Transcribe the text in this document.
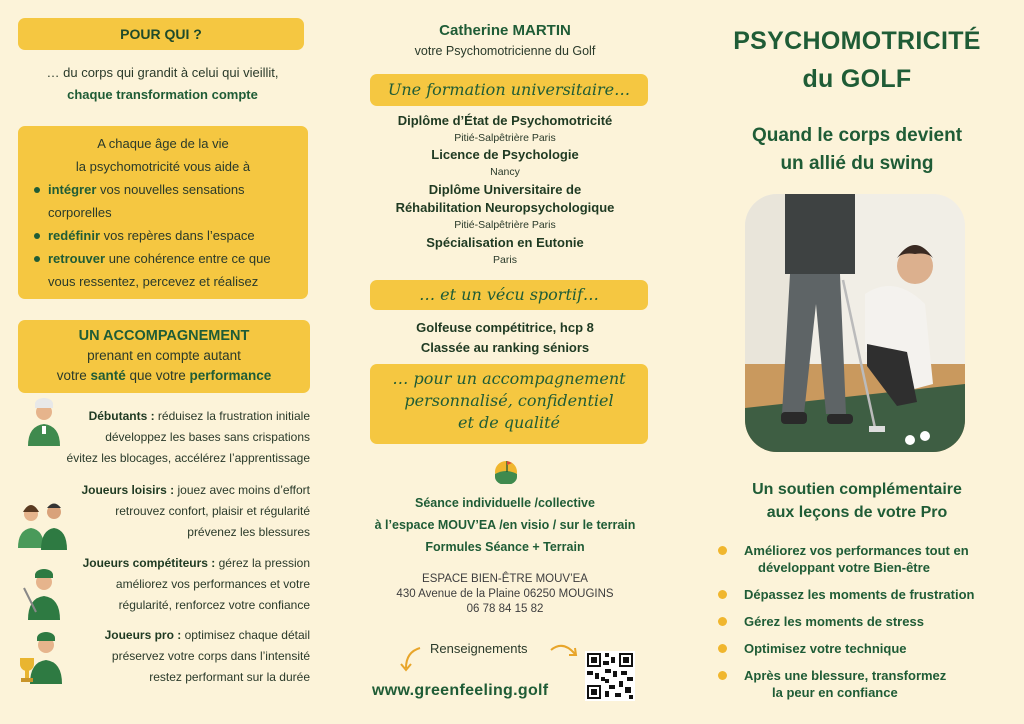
POUR QUI ?
… du corps qui grandit à celui qui vieillit,
chaque transformation compte
A chaque âge de la vie
la psychomotricité vous aide à
intégrer vos nouvelles sensations corporelles
redéfinir vos repères dans l’espace
retrouver une cohérence entre ce que vous ressentez, percevez et réalisez
UN ACCOMPAGNEMENT
prenant en compte autant
votre santé que votre performance
Débutants : réduisez la frustration initiale
développez les bases sans crispations
évitez les blocages, accélérez l’apprentissage
Joueurs loisirs : jouez avec moins d’effort
retrouvez confort, plaisir et régularité
prévenez les blessures
Joueurs compétiteurs : gérez la pression
améliorez vos performances et votre
régularité, renforcez votre confiance
Joueurs pro : optimisez chaque détail
préservez votre corps dans l’intensité
restez performant sur la durée
Catherine MARTIN
votre Psychomotricienne du Golf
Une formation universitaire…
Diplôme d’État de Psychomotricité
Pitié-Salpêtrière Paris
Licence de Psychologie
Nancy
Diplôme Universitaire de
Réhabilitation Neuropsychologique
Pitié-Salpêtrière Paris
Spécialisation en Eutonie
Paris
… et un vécu sportif…
Golfeuse compétitrice, hcp 8
Classée au ranking séniors
… pour un accompagnement
personnalisé, confidentiel
et de qualité
Séance individuelle /collective
à l’espace MOUV’EA /en visio / sur le terrain
Formules Séance + Terrain
ESPACE BIEN-ÊTRE MOUV’EA
430 Avenue de la Plaine 06250 MOUGINS
06 78 84 15 82
Renseignements
www.greenfeeling.golf
PSYCHOMOTRICITÉ
du GOLF
Quand le corps devient
un allié du swing
Un soutien complémentaire
aux leçons de votre Pro
Améliorez vos performances tout en
développant votre Bien-être
Dépassez les moments de frustration
Gérez les moments de stress
Optimisez votre technique
Après une blessure, transformez
la peur en confiance
